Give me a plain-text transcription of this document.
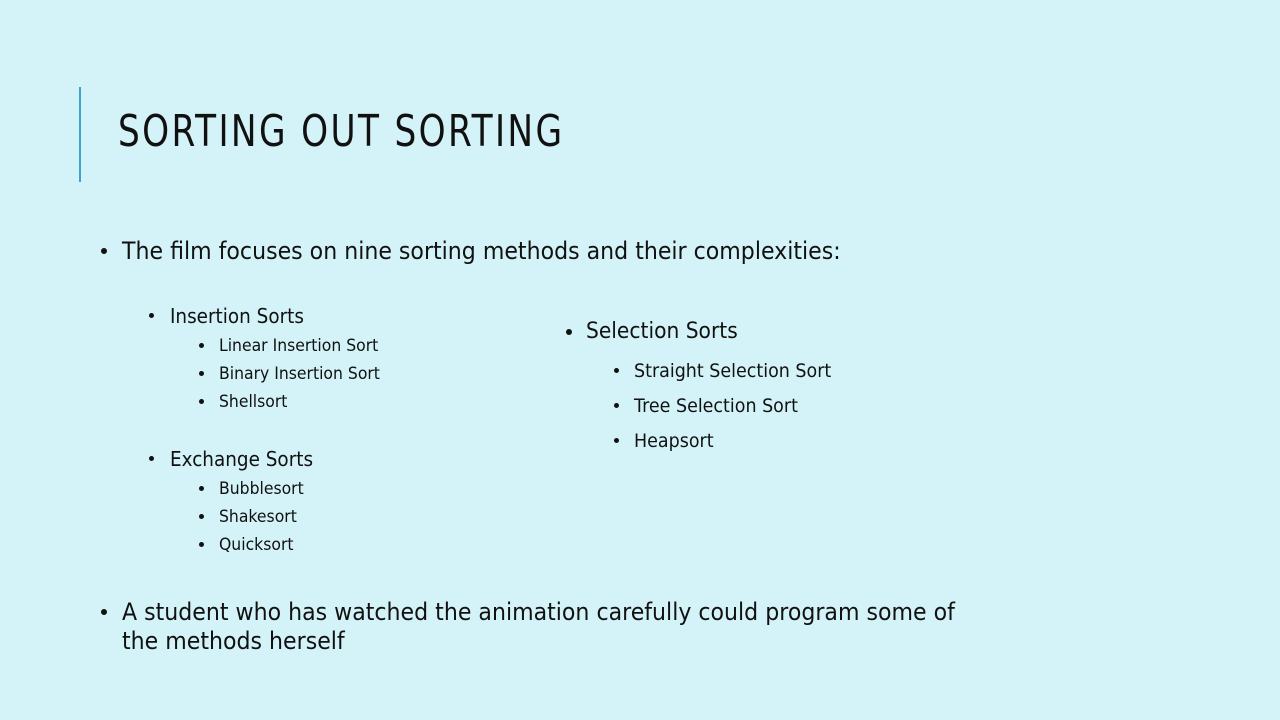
SORTING OUT SORTING
The film focuses on nine sorting methods and their complexities:
Insertion Sorts
Linear Insertion Sort
Binary Insertion Sort
Shellsort
Exchange Sorts
Bubblesort
Shakesort
Quicksort
Selection Sorts
Straight Selection Sort
Tree Selection Sort
Heapsort
A student who has watched the animation carefully could program some of
the methods herself
